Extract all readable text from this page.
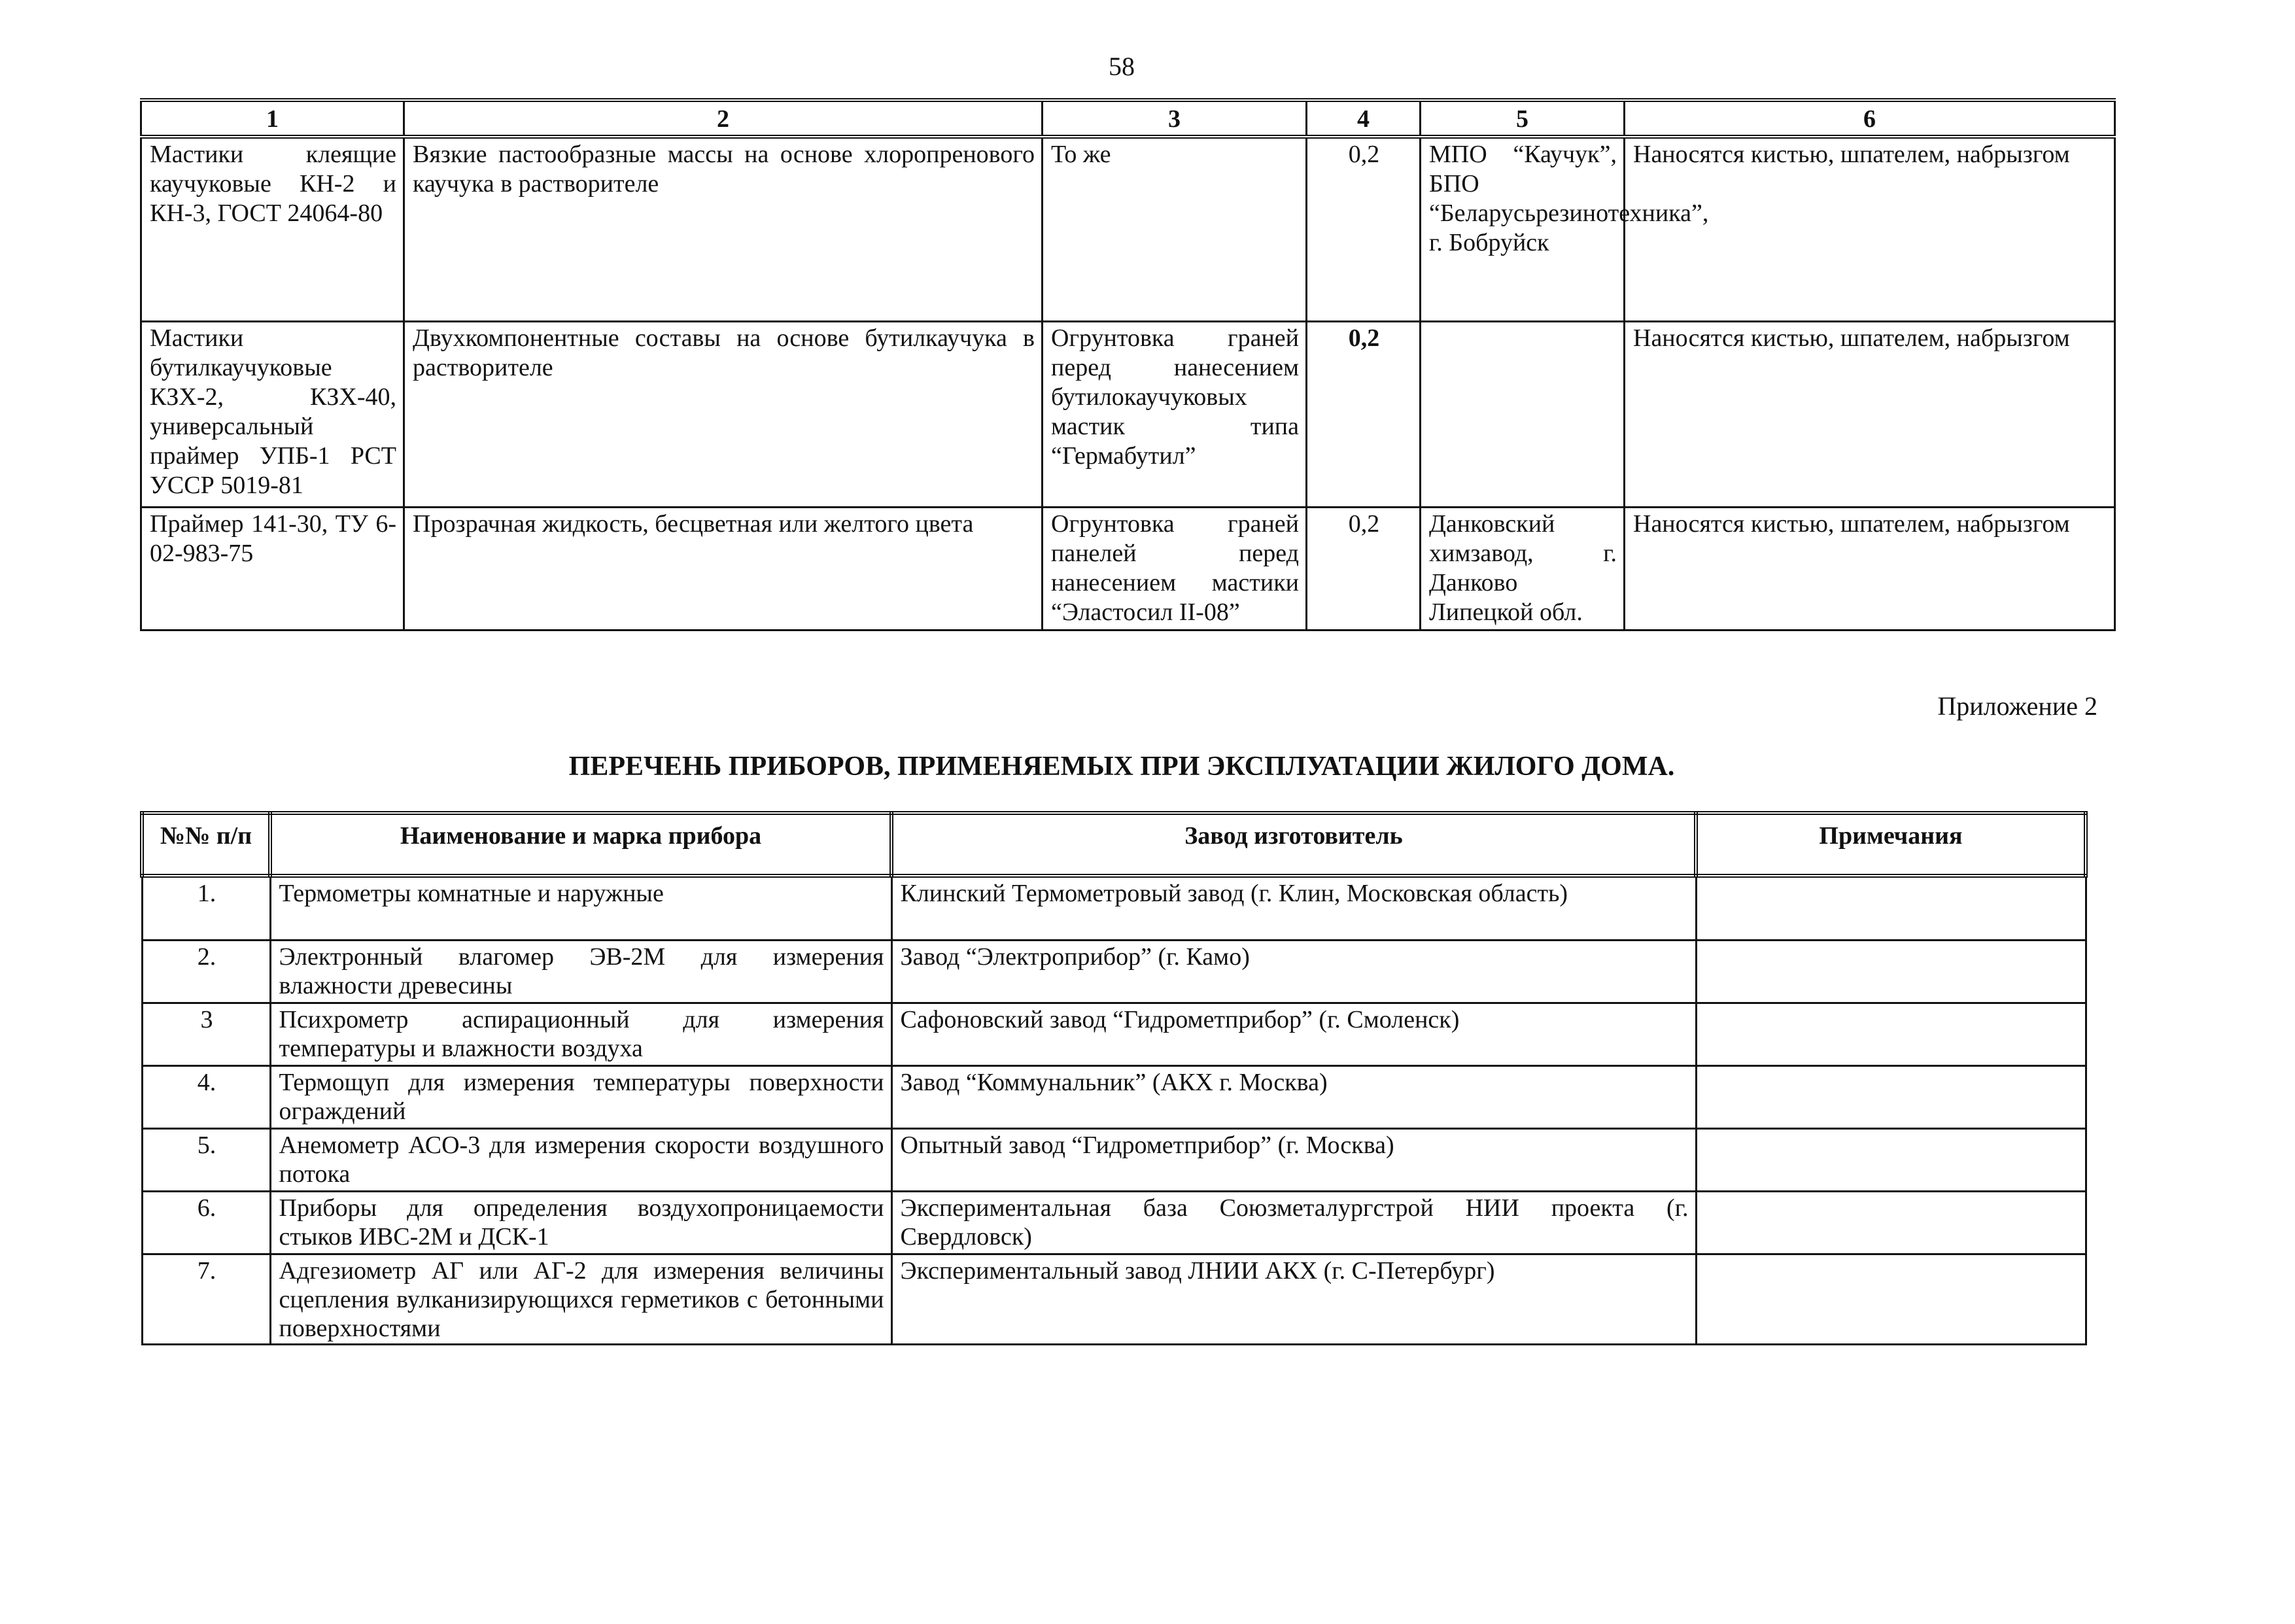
58
1	2	3	4	5	6
Мастики клеящие каучуковые КН-2 и КН-3, ГОСТ 24064-80	Вязкие пастообразные массы на основе хлоропренового каучука в растворителе	То же	0,2	МПО “Каучук”, БПО “Беларусьрезинотехника”, г. Бобруйск	Наносятся кистью, шпателем, набрызгом
Мастики бутилкаучуковые КЗХ-2, КЗХ-40, универсальный праймер УПБ-1 РСТ УССР 5019-81	Двухкомпонентные составы на основе бутилкаучука в растворителе	Огрунтовка граней перед нанесением бутилокаучуковых мастик типа “Гермабутил”	0,2		Наносятся кистью, шпателем, набрызгом
Праймер 141-30, ТУ 6-02-983-75	Прозрачная жидкость, бесцветная или желтого цвета	Огрунтовка граней панелей перед нанесением мастики “Эластосил II-08”	0,2	Данковский химзавод, г. Данково Липецкой обл.	Наносятся кистью, шпателем, набрызгом
Приложение 2
ПЕРЕЧЕНЬ ПРИБОРОВ, ПРИМЕНЯЕМЫХ ПРИ ЭКСПЛУАТАЦИИ ЖИЛОГО ДОМА.
№№ п/п	Наименование и марка прибора	Завод изготовитель	Примечания
1.	Термометры комнатные и наружные	Клинский Термометровый завод (г. Клин, Московская область)	
2.	Электронный влагомер ЭВ-2М для измерения влажности древесины	Завод “Электроприбор” (г. Камо)	
3	Психрометр аспирационный для измерения температуры и влажности воздуха	Сафоновский завод “Гидрометприбор” (г. Смоленск)	
4.	Термощуп для измерения температуры поверхности ограждений	Завод “Коммунальник” (АКХ г. Москва)	
5.	Анемометр АСО-3 для измерения скорости воздушного потока	Опытный завод “Гидрометприбор” (г. Москва)	
6.	Приборы для определения воздухопроницаемости стыков ИВС-2М и ДСК-1	Экспериментальная база Союзметалургстрой НИИ проекта (г. Свердловск)	
7.	Адгезиометр АГ или АГ-2 для измерения величины сцепления вулканизирующихся герметиков с бетонными поверхностями	Экспериментальный завод ЛНИИ АКХ (г. С-Петербург)	
